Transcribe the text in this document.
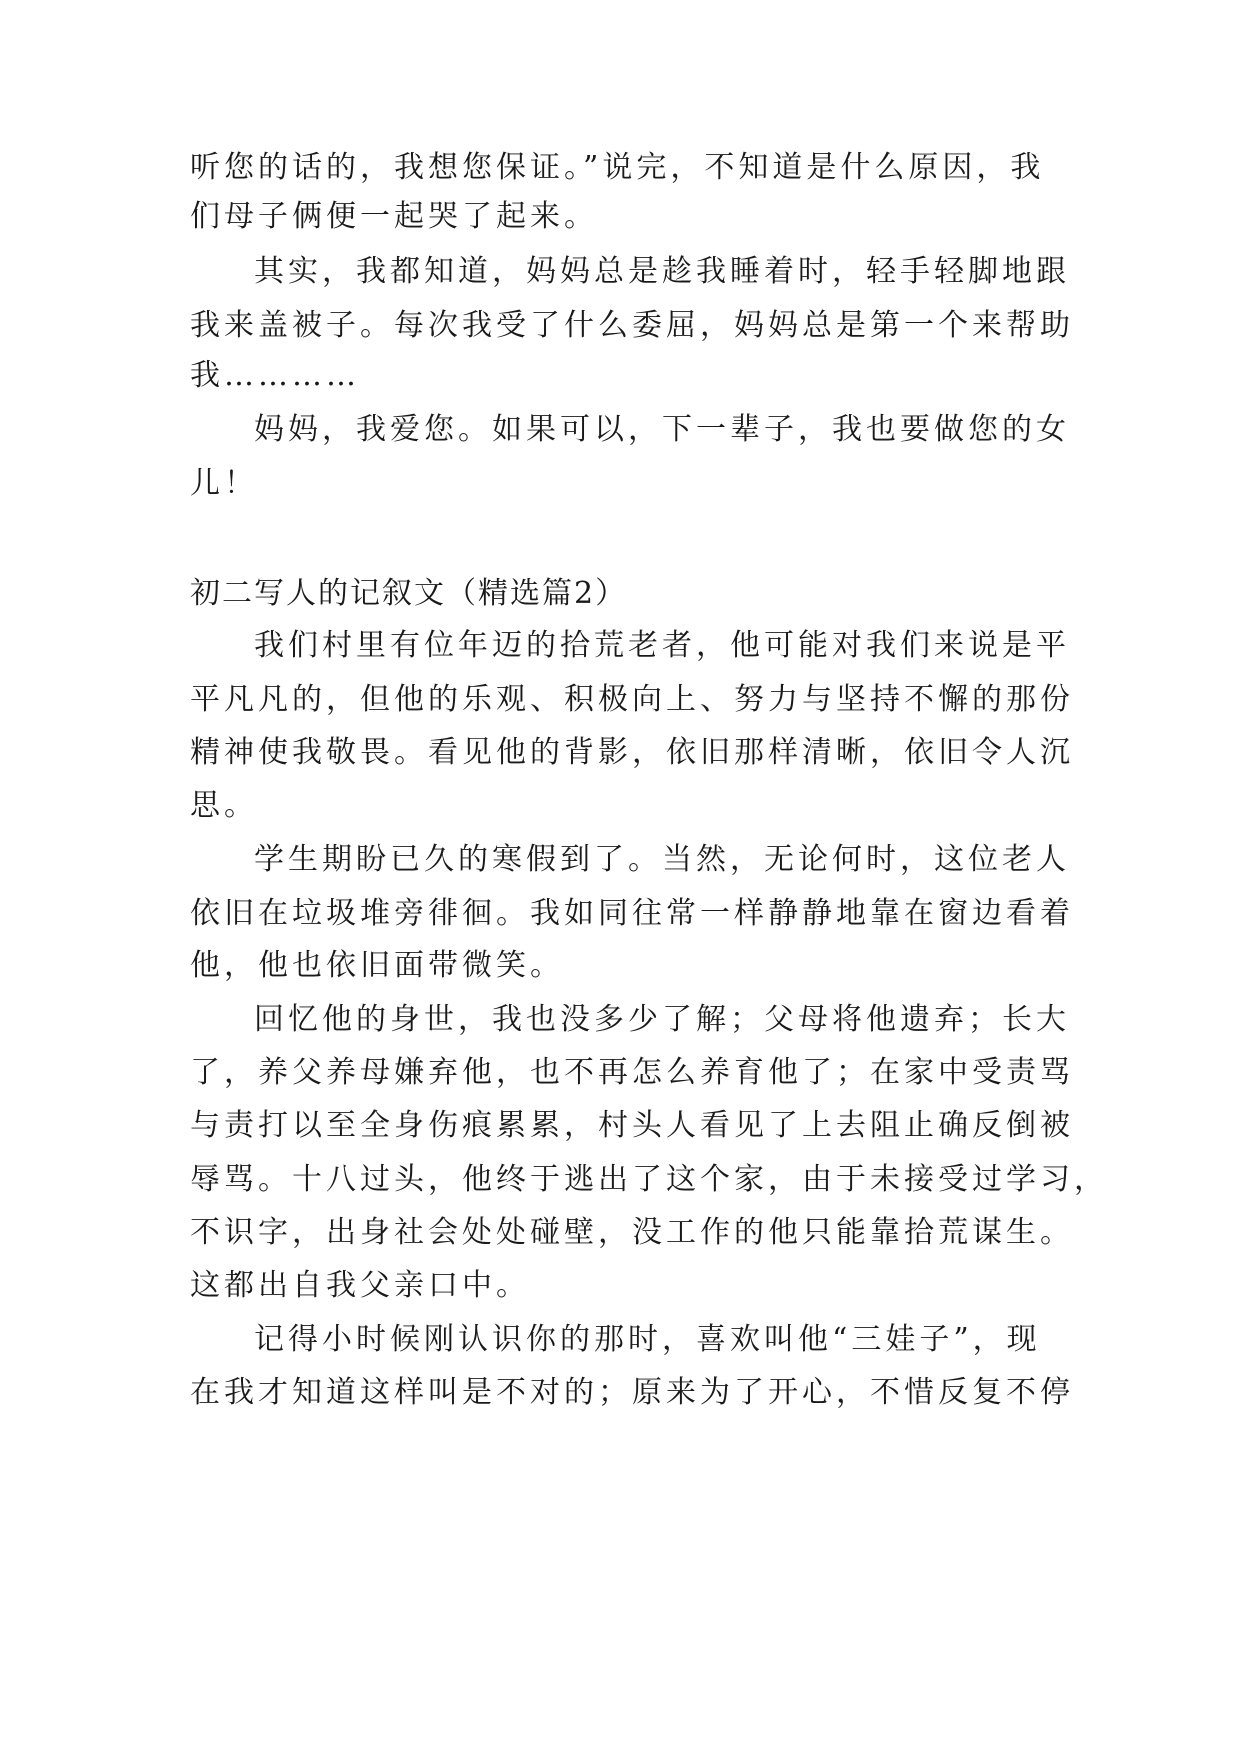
听您的话的，我想您保证。”说完，不知道是什么原因，我
们母子俩便一起哭了起来。
其实，我都知道，妈妈总是趁我睡着时，轻手轻脚地跟
我来盖被子。每次我受了什么委屈，妈妈总是第一个来帮助
我…………
妈妈，我爱您。如果可以，下一辈子，我也要做您的女
儿！
初二写人的记叙文（精选篇2）
我们村里有位年迈的拾荒老者，他可能对我们来说是平
平凡凡的，但他的乐观、积极向上、努力与坚持不懈的那份
精神使我敬畏。看见他的背影，依旧那样清晰，依旧令人沉
思。
学生期盼已久的寒假到了。当然，无论何时，这位老人
依旧在垃圾堆旁徘徊。我如同往常一样静静地靠在窗边看着
他，他也依旧面带微笑。
回忆他的身世，我也没多少了解；父母将他遗弃；长大
了，养父养母嫌弃他，也不再怎么养育他了；在家中受责骂
与责打以至全身伤痕累累，村头人看见了上去阻止确反倒被
辱骂。十八过头，他终于逃出了这个家，由于未接受过学习，
不识字，出身社会处处碰壁，没工作的他只能靠拾荒谋生。
这都出自我父亲口中。
记得小时候刚认识你的那时，喜欢叫他“三娃子”，现
在我才知道这样叫是不对的；原来为了开心，不惜反复不停
